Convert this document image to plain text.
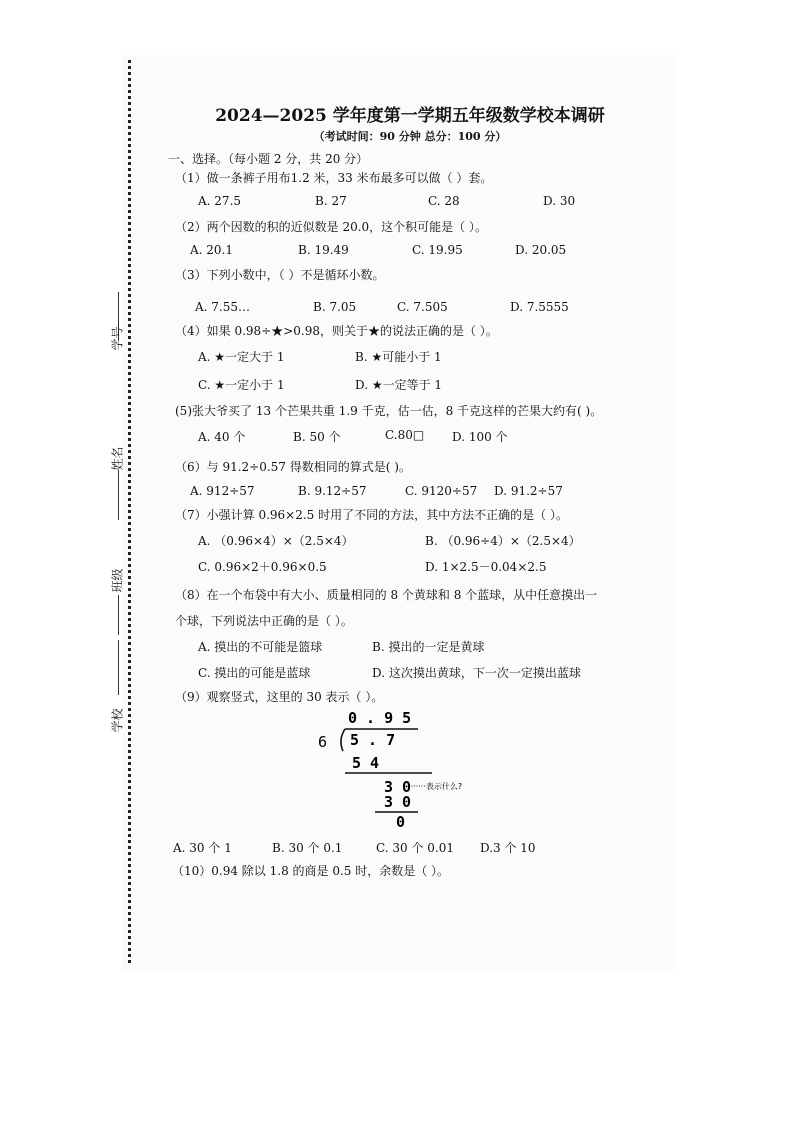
学号
姓名
班级
学校
2024—2025 学年度第一学期五年级数学校本调研
（考试时间：90 分钟 总分：100 分）
一、选择。（每小题 2 分，共 20 分）
（1）做一条裤子用布1.2 米，33 米布最多可以做（ ）套。
A. 27.5	B. 27	C. 28	D. 30
（2）两个因数的积的近似数是 20.0，这个积可能是（ ）。
A. 20.1	B. 19.49	C. 19.95	D. 20.05
（3）下列小数中，（ ）不是循环小数。
A. 7.55…	B. 7.05	C. 7.505	D. 7.5555
（4）如果 0.98÷★>0.98，则关于★的说法正确的是（ ）。
A. ★一定大于 1	B. ★可能小于 1
C. ★一定小于 1	D. ★一定等于 1
(5)张大爷买了 13 个芒果共重 1.9 千克，估一估，8 千克这样的芒果大约有( )。
A. 40 个	B. 50 个	C.80□ D. 100 个
（6）与 91.2÷0.57 得数相同的算式是( )。
A. 912÷57	B. 9.12÷57	C. 9120÷57 D. 91.2÷57
（7）小强计算 0.96×2.5 时用了不同的方法，其中方法不正确的是（ ）。
A. （0.96×4）×（2.5×4）	B. （0.96÷4）×（2.5×4）
C. 0.96×2＋0.96×0.5	D. 1×2.5－0.04×2.5
（8）在一个布袋中有大小、质量相同的 8 个黄球和 8 个蓝球，从中任意摸出一
个球，下列说法中正确的是（ ）。
A. 摸出的不可能是篮球	B. 摸出的一定是黄球
C. 摸出的可能是蓝球	D. 这次摸出黄球，下一次一定摸出蓝球
（9）观察竖式，这里的 30 表示（ ）。
0 . 9 5
6 5 . 7
5 4
3 0
·········表示什么?
3 0
0
A. 30 个 1	B. 30 个 0.1	C. 30 个 0.01 D.3 个 10
（10）0.94 除以 1.8 的商是 0.5 时，余数是（ ）。
